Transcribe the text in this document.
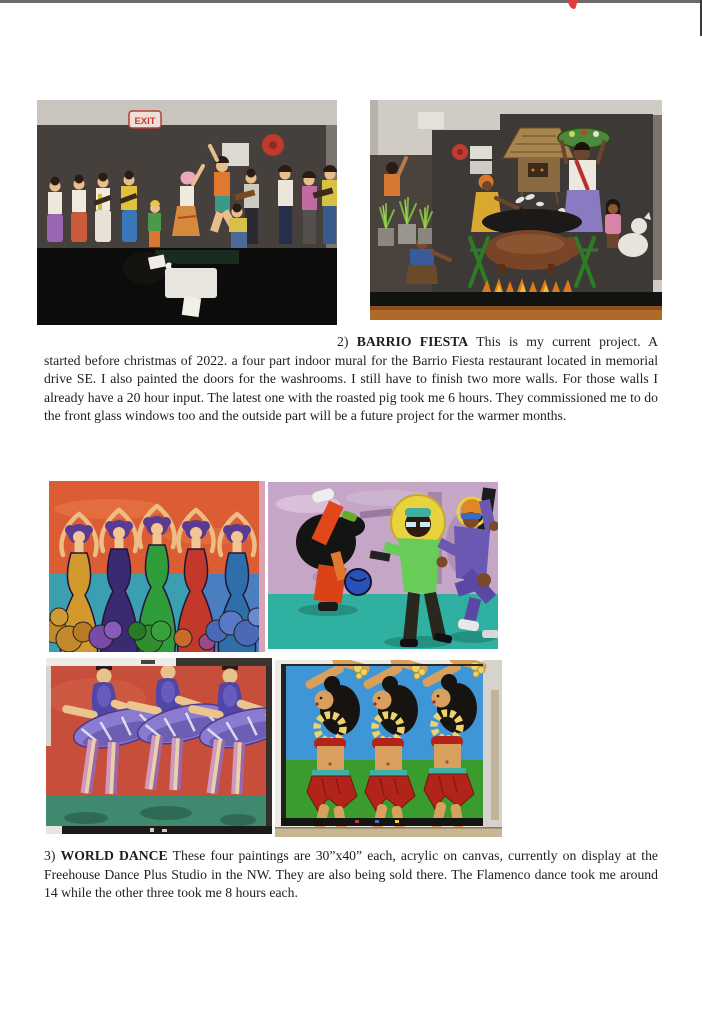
EXIT

2) BARRIO FIESTA This is my current project. A started before christmas of 2022. a four part indoor mural for the Barrio Fiesta restaurant located in memorial drive SE. I also painted the doors for the washrooms. I still have to finish two more walls. For those walls I already have a 20 hour input. The latest one with the roasted pig took me 6 hours. They commissioned me to do the front glass windows too and the outside part will be a future project for the warmer months.

3) WORLD DANCE These four paintings are 30”x40” each, acrylic on canvas, currently on display at the Freehouse Dance Plus Studio in the NW. They are also being sold there. The Flamenco dance took me around 14 while the other three took me 8 hours each.
